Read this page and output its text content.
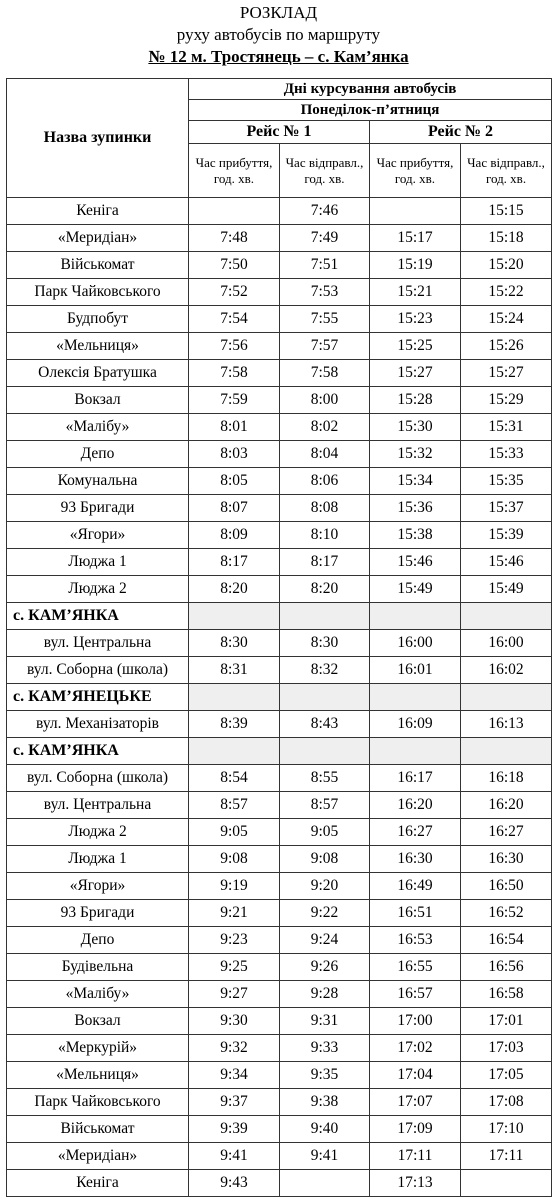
РОЗКЛАД
руху автобусів по маршруту
№ 12 м. Тростянець – с. Кам’янка
Назва зупинки	Дні курсування автобусів			
	Понеділок-п’ятниця			
	Рейс № 1		Рейс № 2	
	Час прибуття, год. хв.	Час відправл., год. хв.	Час прибуття, год. хв.	Час відправл., год. хв.
Кеніга		7:46		15:15
«Меридіан»	7:48	7:49	15:17	15:18
Військомат	7:50	7:51	15:19	15:20
Парк Чайковського	7:52	7:53	15:21	15:22
Будпобут	7:54	7:55	15:23	15:24
«Мельниця»	7:56	7:57	15:25	15:26
Олексія Братушка	7:58	7:58	15:27	15:27
Вокзал	7:59	8:00	15:28	15:29
«Малібу»	8:01	8:02	15:30	15:31
Депо	8:03	8:04	15:32	15:33
Комунальна	8:05	8:06	15:34	15:35
93 Бригади	8:07	8:08	15:36	15:37
«Ягори»	8:09	8:10	15:38	15:39
Люджа 1	8:17	8:17	15:46	15:46
Люджа 2	8:20	8:20	15:49	15:49
с. КАМ’ЯНКА				
вул. Центральна	8:30	8:30	16:00	16:00
вул. Соборна (школа)	8:31	8:32	16:01	16:02
с. КАМ’ЯНЕЦЬКЕ				
вул. Механізаторів	8:39	8:43	16:09	16:13
с. КАМ’ЯНКА				
вул. Соборна (школа)	8:54	8:55	16:17	16:18
вул. Центральна	8:57	8:57	16:20	16:20
Люджа 2	9:05	9:05	16:27	16:27
Люджа 1	9:08	9:08	16:30	16:30
«Ягори»	9:19	9:20	16:49	16:50
93 Бригади	9:21	9:22	16:51	16:52
Депо	9:23	9:24	16:53	16:54
Будівельна	9:25	9:26	16:55	16:56
«Малібу»	9:27	9:28	16:57	16:58
Вокзал	9:30	9:31	17:00	17:01
«Меркурій»	9:32	9:33	17:02	17:03
«Мельниця»	9:34	9:35	17:04	17:05
Парк Чайковського	9:37	9:38	17:07	17:08
Військомат	9:39	9:40	17:09	17:10
«Меридіан»	9:41	9:41	17:11	17:11
Кеніга	9:43		17:13	
